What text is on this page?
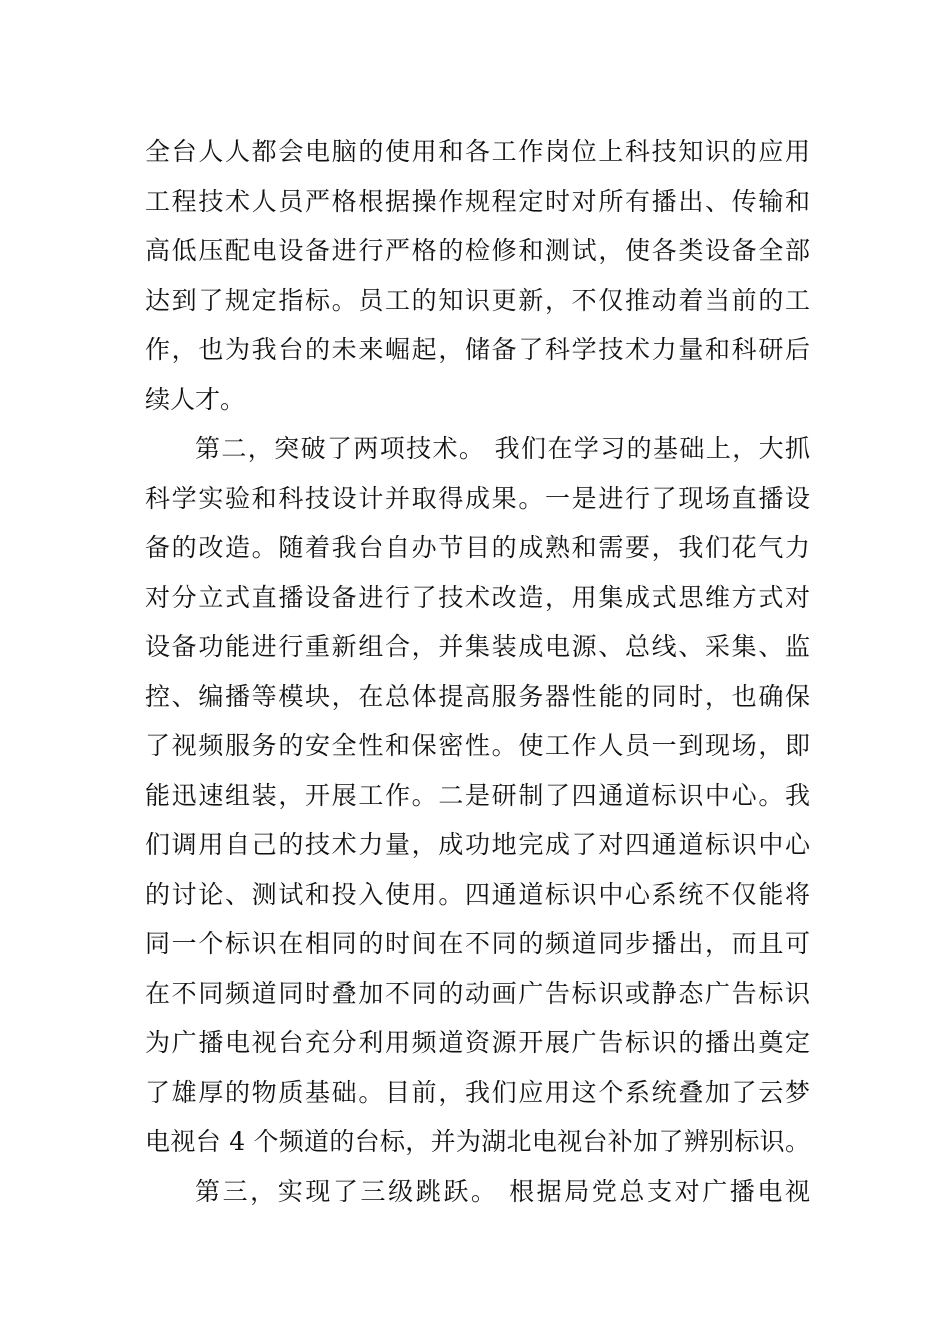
全台人人都会电脑的使用和各工作岗位上科技知识的应用
工程技术人员严格根据操作规程定时对所有播出、传输和
高低压配电设备进行严格的检修和测试，使各类设备全部
达到了规定指标。员工的知识更新，不仅推动着当前的工
作，也为我台的未来崛起，储备了科学技术力量和科研后
续人才。
第二，突破了两项技术。 我们在学习的基础上，大抓
科学实验和科技设计并取得成果。一是进行了现场直播设
备的改造。随着我台自办节目的成熟和需要，我们花气力
对分立式直播设备进行了技术改造，用集成式思维方式对
设备功能进行重新组合，并集装成电源、总线、采集、监
控、编播等模块，在总体提高服务器性能的同时，也确保
了视频服务的安全性和保密性。使工作人员一到现场，即
能迅速组装，开展工作。二是研制了四通道标识中心。我
们调用自己的技术力量，成功地完成了对四通道标识中心
的讨论、测试和投入使用。四通道标识中心系统不仅能将
同一个标识在相同的时间在不同的频道同步播出，而且可
在不同频道同时叠加不同的动画广告标识或静态广告标识
为广播电视台充分利用频道资源开展广告标识的播出奠定
了雄厚的物质基础。目前，我们应用这个系统叠加了云梦
电视台 4 个频道的台标，并为湖北电视台补加了辨别标识。
第三，实现了三级跳跃。 根据局党总支对广播电视
